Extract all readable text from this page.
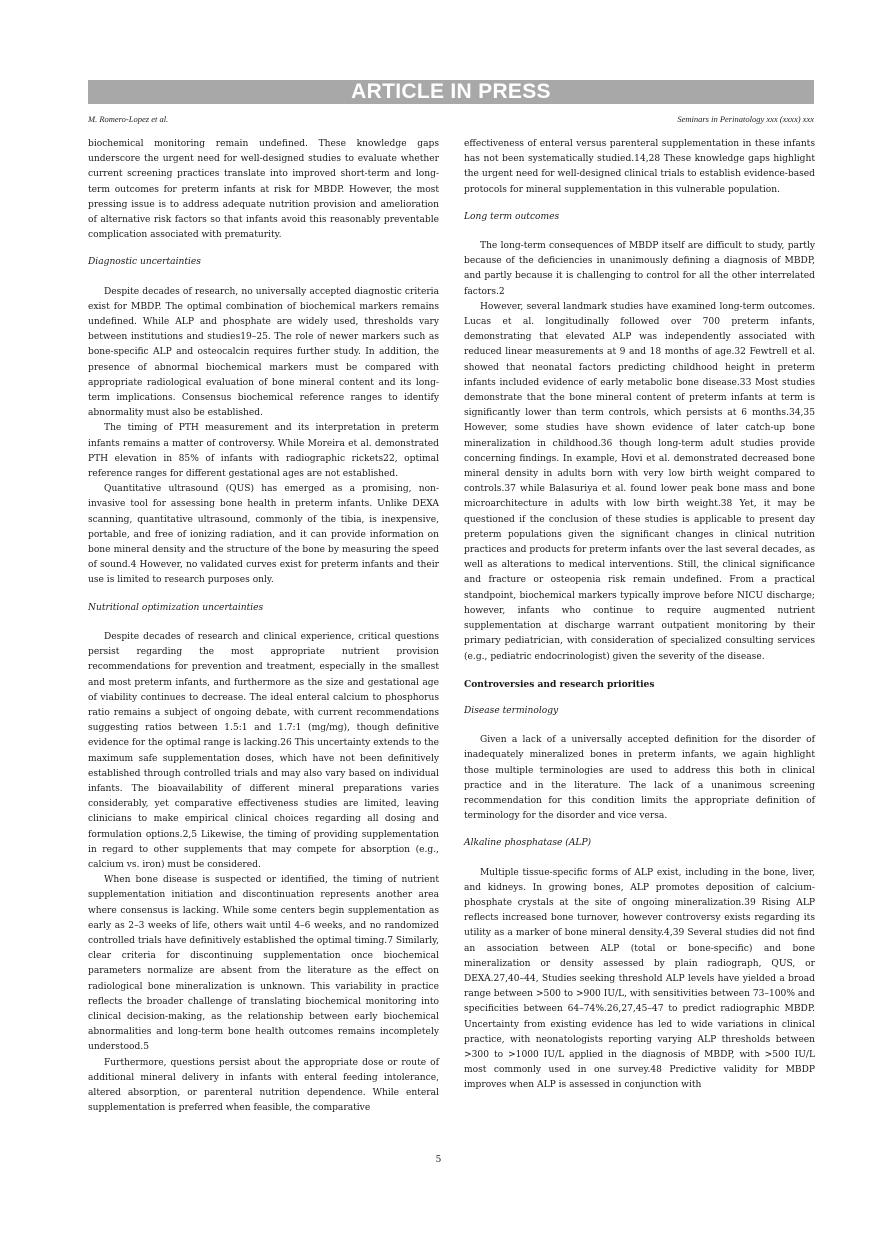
ARTICLE IN PRESS
M. Romero-Lopez et al.	Seminars in Perinatology xxx (xxxx) xxx

biochemical monitoring remain undefined. These knowledge gaps underscore the urgent need for well-designed studies to evaluate whether current screening practices translate into improved short-term and long-term outcomes for preterm infants at risk for MBDP. However, the most pressing issue is to address adequate nutrition provision and amelioration of alternative risk factors so that infants avoid this reasonably preventable complication associated with prematurity.

Diagnostic uncertainties

Despite decades of research, no universally accepted diagnostic criteria exist for MBDP. The optimal combination of biochemical markers remains undefined. While ALP and phosphate are widely used, thresholds vary between institutions and studies19–25. The role of newer markers such as bone-specific ALP and osteocalcin requires further study. In addition, the presence of abnormal biochemical markers must be compared with appropriate radiological evaluation of bone mineral content and its long-term implications. Consensus biochemical reference ranges to identify abnormality must also be established.

The timing of PTH measurement and its interpretation in preterm infants remains a matter of controversy. While Moreira et al. demonstrated PTH elevation in 85% of infants with radiographic rickets22, optimal reference ranges for different gestational ages are not established.

Quantitative ultrasound (QUS) has emerged as a promising, non-invasive tool for assessing bone health in preterm infants. Unlike DEXA scanning, quantitative ultrasound, commonly of the tibia, is inexpensive, portable, and free of ionizing radiation, and it can provide information on bone mineral density and the structure of the bone by measuring the speed of sound.4 However, no validated curves exist for preterm infants and their use is limited to research purposes only.

Nutritional optimization uncertainties

Despite decades of research and clinical experience, critical questions persist regarding the most appropriate nutrient provision recommendations for prevention and treatment, especially in the smallest and most preterm infants, and furthermore as the size and gestational age of viability continues to decrease. The ideal enteral calcium to phosphorus ratio remains a subject of ongoing debate, with current recommendations suggesting ratios between 1.5:1 and 1.7:1 (mg/mg), though definitive evidence for the optimal range is lacking.26 This uncertainty extends to the maximum safe supplementation doses, which have not been definitively established through controlled trials and may also vary based on individual infants. The bioavailability of different mineral preparations varies considerably, yet comparative effectiveness studies are limited, leaving clinicians to make empirical clinical choices regarding all dosing and formulation options.2,5 Likewise, the timing of providing supplementation in regard to other supplements that may compete for absorption (e.g., calcium vs. iron) must be considered.

When bone disease is suspected or identified, the timing of nutrient supplementation initiation and discontinuation represents another area where consensus is lacking. While some centers begin supplementation as early as 2–3 weeks of life, others wait until 4–6 weeks, and no randomized controlled trials have definitively established the optimal timing.7 Similarly, clear criteria for discontinuing supplementation once biochemical parameters normalize are absent from the literature as the effect on radiological bone mineralization is unknown. This variability in practice reflects the broader challenge of translating biochemical monitoring into clinical decision-making, as the relationship between early biochemical abnormalities and long-term bone health outcomes remains incompletely understood.5

Furthermore, questions persist about the appropriate dose or route of additional mineral delivery in infants with enteral feeding intolerance, altered absorption, or parenteral nutrition dependence. While enteral supplementation is preferred when feasible, the comparative

effectiveness of enteral versus parenteral supplementation in these infants has not been systematically studied.14,28 These knowledge gaps highlight the urgent need for well-designed clinical trials to establish evidence-based protocols for mineral supplementation in this vulnerable population.

Long term outcomes

The long-term consequences of MBDP itself are difficult to study, partly because of the deficiencies in unanimously defining a diagnosis of MBDP, and partly because it is challenging to control for all the other interrelated factors.2

However, several landmark studies have examined long-term outcomes. Lucas et al. longitudinally followed over 700 preterm infants, demonstrating that elevated ALP was independently associated with reduced linear measurements at 9 and 18 months of age.32 Fewtrell et al. showed that neonatal factors predicting childhood height in preterm infants included evidence of early metabolic bone disease.33 Most studies demonstrate that the bone mineral content of preterm infants at term is significantly lower than term controls, which persists at 6 months.34,35 However, some studies have shown evidence of later catch-up bone mineralization in childhood.36 though long-term adult studies provide concerning findings. In example, Hovi et al. demonstrated decreased bone mineral density in adults born with very low birth weight compared to controls.37 while Balasuriya et al. found lower peak bone mass and bone microarchitecture in adults with low birth weight.38 Yet, it may be questioned if the conclusion of these studies is applicable to present day preterm populations given the significant changes in clinical nutrition practices and products for preterm infants over the last several decades, as well as alterations to medical interventions. Still, the clinical significance and fracture or osteopenia risk remain undefined. From a practical standpoint, biochemical markers typically improve before NICU discharge; however, infants who continue to require augmented nutrient supplementation at discharge warrant outpatient monitoring by their primary pediatrician, with consideration of specialized consulting services (e.g., pediatric endocrinologist) given the severity of the disease.

Controversies and research priorities
Disease terminology

Given a lack of a universally accepted definition for the disorder of inadequately mineralized bones in preterm infants, we again highlight those multiple terminologies are used to address this both in clinical practice and in the literature. The lack of a unanimous screening recommendation for this condition limits the appropriate definition of terminology for the disorder and vice versa.

Alkaline phosphatase (ALP)

Multiple tissue-specific forms of ALP exist, including in the bone, liver, and kidneys. In growing bones, ALP promotes deposition of calcium-phosphate crystals at the site of ongoing mineralization.39 Rising ALP reflects increased bone turnover, however controversy exists regarding its utility as a marker of bone mineral density.4,39 Several studies did not find an association between ALP (total or bone-specific) and bone mineralization or density assessed by plain radiograph, QUS, or DEXA.27,40–44, Studies seeking threshold ALP levels have yielded a broad range between >500 to >900 IU/L, with sensitivities between 73–100% and specificities between 64–74%.26,27,45–47 to predict radiographic MBDP. Uncertainty from existing evidence has led to wide variations in clinical practice, with neonatologists reporting varying ALP thresholds between >300 to >1000 IU/L applied in the diagnosis of MBDP, with >500 IU/L most commonly used in one survey.48 Predictive validity for MBDP improves when ALP is assessed in conjunction with

5
